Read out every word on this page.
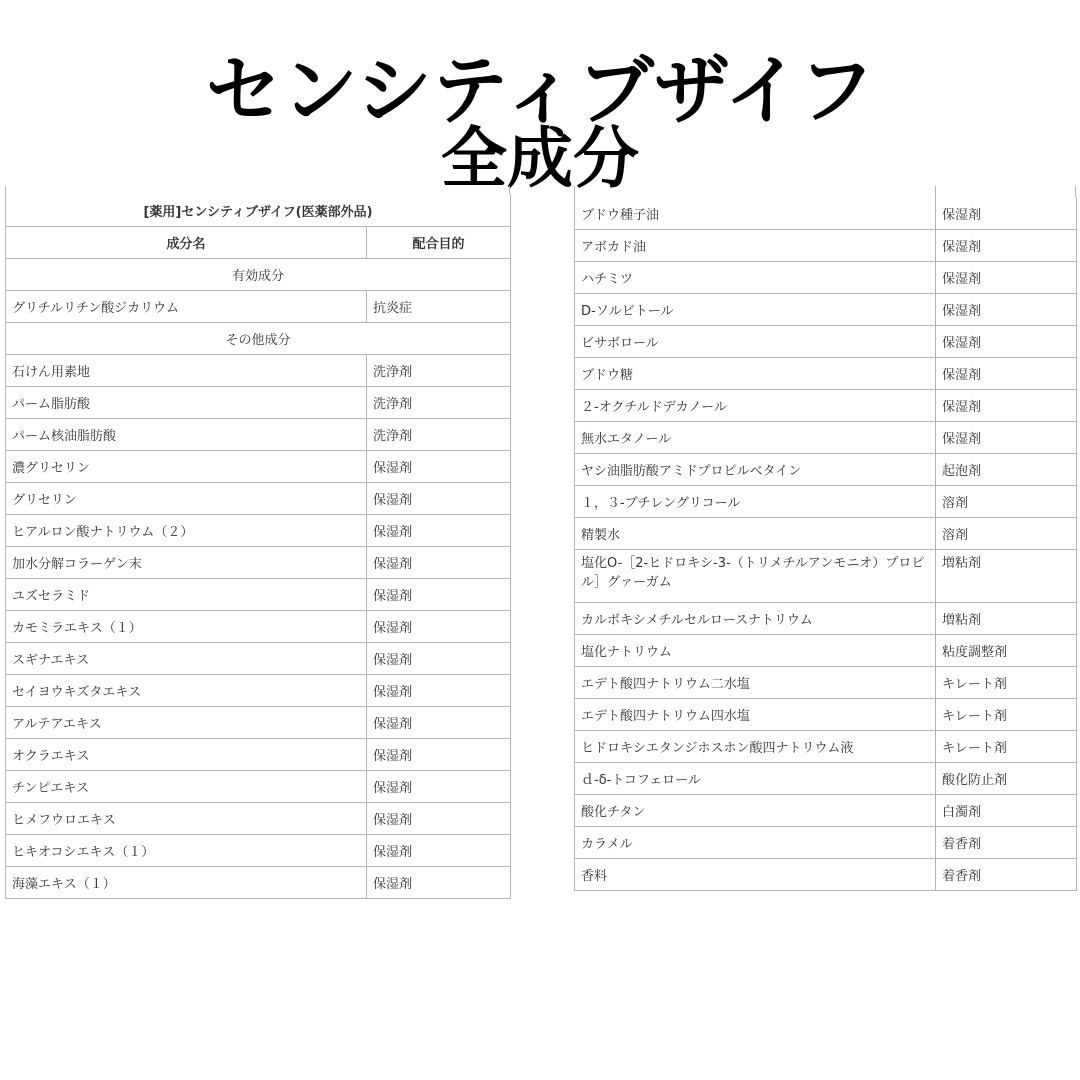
センシティブザイフ
全成分
[薬用]センシティブザイフ(医薬部外品)	
成分名	配合目的
有効成分	
グリチルリチン酸ジカリウム	抗炎症
その他成分	
石けん用素地	洗浄剤
パーム脂肪酸	洗浄剤
パーム核油脂肪酸	洗浄剤
濃グリセリン	保湿剤
グリセリン	保湿剤
ヒアルロン酸ナトリウム（２）	保湿剤
加水分解コラーゲン末	保湿剤
ユズセラミド	保湿剤
カモミラエキス（１）	保湿剤
スギナエキス	保湿剤
セイヨウキズタエキス	保湿剤
アルテアエキス	保湿剤
オクラエキス	保湿剤
チンピエキス	保湿剤
ヒメフウロエキス	保湿剤
ヒキオコシエキス（１）	保湿剤
海藻エキス（１）	保湿剤
ブドウ種子油	保湿剤
アボカド油	保湿剤
ハチミツ	保湿剤
D-ソルビトール	保湿剤
ビサボロール	保湿剤
ブドウ糖	保湿剤
２-オクチルドデカノール	保湿剤
無水エタノール	保湿剤
ヤシ油脂肪酸アミドプロピルベタイン	起泡剤
１，３-ブチレングリコール	溶剤
精製水	溶剤
塩化O-［2-ヒドロキシ-3-（トリメチルアンモニオ）プロピル］グァーガム	増粘剤
カルボキシメチルセルロースナトリウム	増粘剤
塩化ナトリウム	粘度調整剤
エデト酸四ナトリウム二水塩	キレート剤
エデト酸四ナトリウム四水塩	キレート剤
ヒドロキシエタンジホスホン酸四ナトリウム液	キレート剤
ｄ-δ-トコフェロール	酸化防止剤
酸化チタン	白濁剤
カラメル	着香剤
香料	着香剤
